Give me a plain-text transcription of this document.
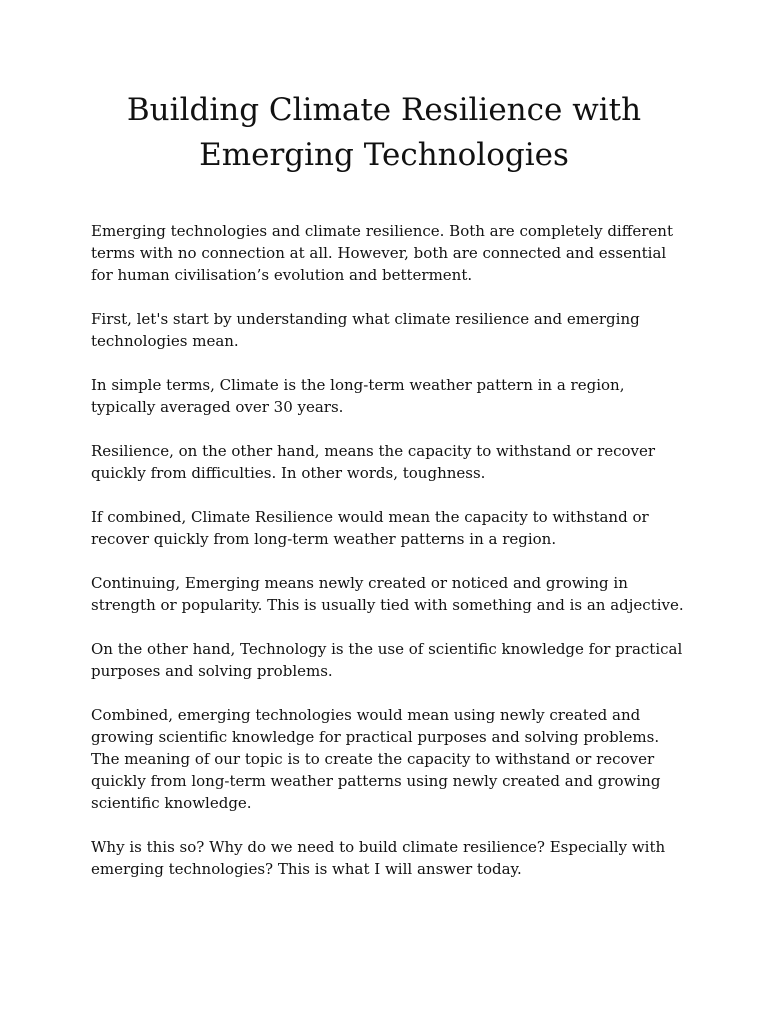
Building Climate Resilience with
Emerging Technologies

Emerging technologies and climate resilience. Both are completely different terms with no connection at all. However, both are connected and essential for human civilisation’s evolution and betterment.

First, let's start by understanding what climate resilience and emerging technologies mean.

In simple terms, Climate is the long-term weather pattern in a region, typically averaged over 30 years.

Resilience, on the other hand, means the capacity to withstand or recover quickly from difficulties. In other words, toughness.

If combined, Climate Resilience would mean the capacity to withstand or recover quickly from long-term weather patterns in a region.

Continuing, Emerging means newly created or noticed and growing in strength or popularity. This is usually tied with something and is an adjective.

On the other hand, Technology is the use of scientific knowledge for practical purposes and solving problems.

Combined, emerging technologies would mean using newly created and growing scientific knowledge for practical purposes and solving problems.
The meaning of our topic is to create the capacity to withstand or recover quickly from long-term weather patterns using newly created and growing scientific knowledge.

Why is this so? Why do we need to build climate resilience? Especially with emerging technologies? This is what I will answer today.
